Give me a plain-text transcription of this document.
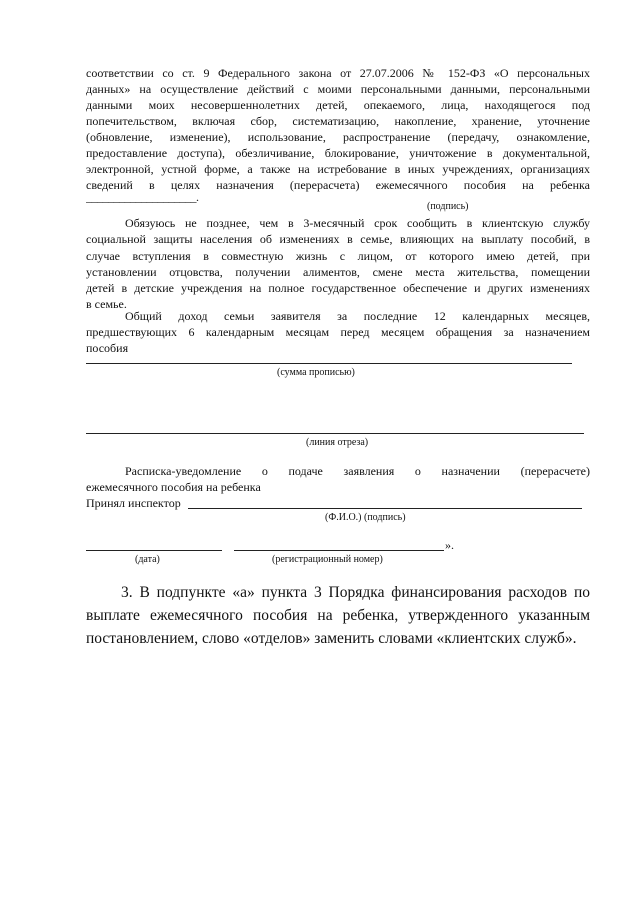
соответствии со ст. 9 Федерального закона от 27.07.2006 № 152-ФЗ «О персональных
данных» на осуществление действий с моими персональными данными, персональными
данными моих несовершеннолетних детей, опекаемого, лица, находящегося под
попечительством, включая сбор, систематизацию, накопление, хранение, уточнение
(обновление, изменение), использование, распространение (передачу, ознакомление,
предоставление доступа), обезличивание, блокирование, уничтожение в документальной,
электронной, устной форме, а также на истребование в иных учреждениях, организациях
сведений в целях назначения (перерасчета) ежемесячного пособия на ребенка
____________________.
(подпись)
Обязуюсь не позднее, чем в 3-месячный срок сообщить в клиентскую службу
социальной защиты населения об изменениях в семье, влияющих на выплату пособий, в
случае вступления в совместную жизнь с лицом, от которого имею детей, при
установлении отцовства, получении алиментов, смене места жительства, помещении
детей в детские учреждения на полное государственное обеспечение и других изменениях
в семье.
Общий доход семьи заявителя за последние 12 календарных месяцев,
предшествующих 6 календарным месяцам перед месяцем обращения за назначением
пособия
(сумма прописью)
(линия отреза)
Расписка-уведомление о подаче заявления о назначении (перерасчете)
ежемесячного пособия на ребенка
Принял инспектор
(Ф.И.О.) (подпись)
».
(дата)	(регистрационный номер)
3. В подпункте «а» пункта 3 Порядка финансирования расходов по
выплате ежемесячного пособия на ребенка, утвержденного указанным
постановлением, слово «отделов» заменить словами «клиентских служб».
